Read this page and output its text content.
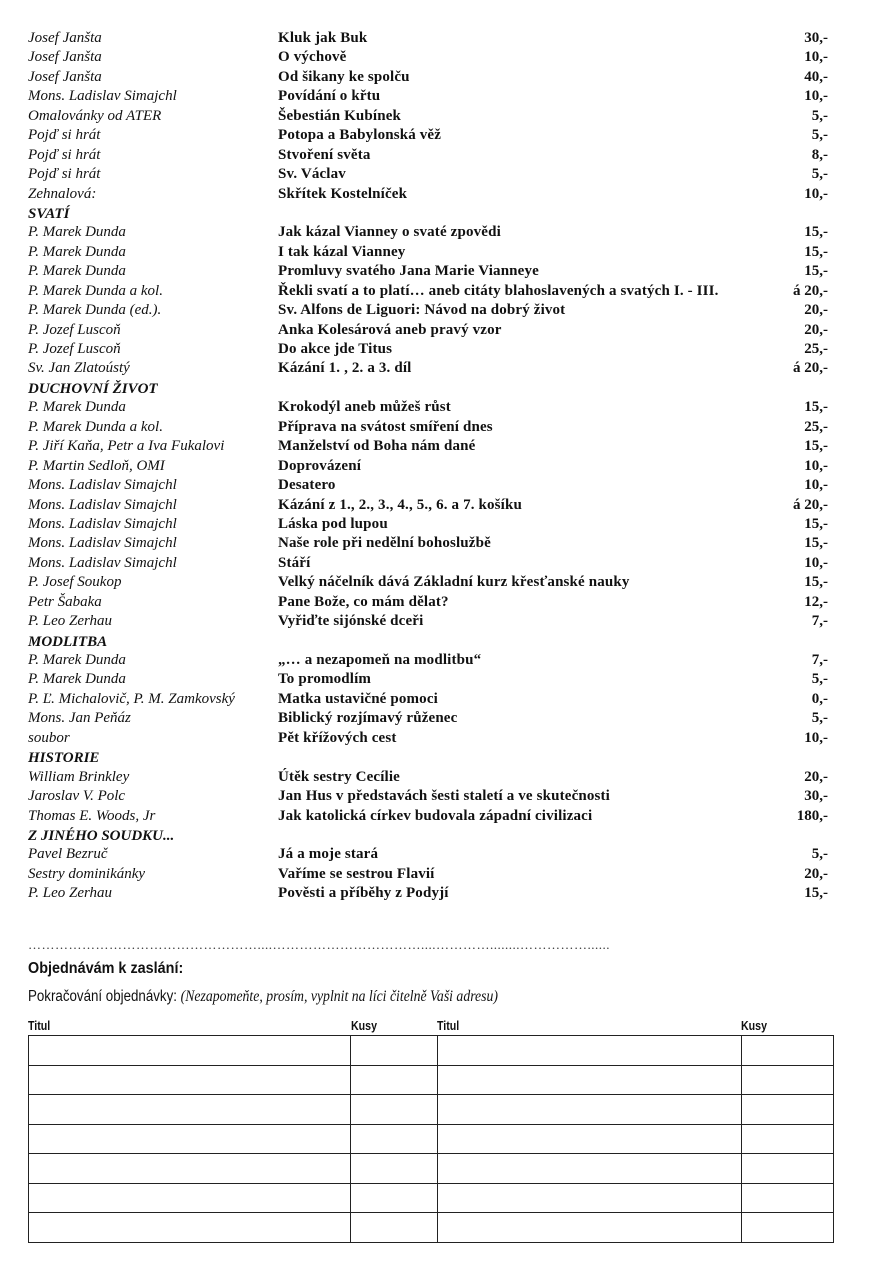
Josef Janšta	Kluk jak Buk	30,-
Josef Janšta	O výchově	10,-
Josef Janšta	Od šikany ke spolču	40,-
Mons. Ladislav Simajchl	Povídání o křtu	10,-
Omalovánky od ATER	Šebestián Kubínek	5,-
Pojď si hrát	Potopa a Babylonská věž	5,-
Pojď si hrát	Stvoření světa	8,-
Pojď si hrát	Sv. Václav	5,-
Zehnalová:	Skřítek Kostelníček	10,-
SVATÍ
P. Marek Dunda	Jak kázal Vianney o svaté zpovědi	15,-
P. Marek Dunda	I tak kázal Vianney	15,-
P. Marek Dunda	Promluvy svatého Jana Marie Vianneye	15,-
P. Marek Dunda a kol.	Řekli svatí a to platí… aneb citáty blahoslavených a svatých I. - III.	á 20,-
P. Marek Dunda (ed.).	Sv. Alfons de Liguori: Návod na dobrý život	20,-
P. Jozef Luscoň	Anka Kolesárová aneb pravý vzor	20,-
P. Jozef Luscoň	Do akce jde Titus	25,-
Sv. Jan Zlatoústý	Kázání 1. , 2. a 3. díl	á 20,-
DUCHOVNÍ ŽIVOT
P. Marek Dunda	Krokodýl aneb můžeš růst	15,-
P. Marek Dunda a kol.	Příprava na svátost smíření dnes	25,-
P. Jiří Kaňa, Petr a Iva Fukalovi	Manželství od Boha nám dané	15,-
P. Martin Sedloň, OMI	Doprovázení	10,-
Mons. Ladislav Simajchl	Desatero	10,-
Mons. Ladislav Simajchl	Kázání z 1., 2., 3., 4., 5., 6. a 7. košíku	á 20,-
Mons. Ladislav Simajchl	Láska pod lupou	15,-
Mons. Ladislav Simajchl	Naše role při nedělní bohoslužbě	15,-
Mons. Ladislav Simajchl	Stáří	10,-
P. Josef Soukop	Velký náčelník dává Základní kurz křesťanské nauky	15,-
Petr Šabaka	Pane Bože, co mám dělat?	12,-
P. Leo Zerhau	Vyřiďte sijónské dceři	7,-
MODLITBA
P. Marek Dunda	„… a nezapomeň na modlitbu“	7,-
P. Marek Dunda	To promodlím	5,-
P. Ľ. Michalovič, P. M. Zamkovský	Matka ustavičné pomoci	0,-
Mons. Jan Peňáz	Biblický rozjímavý růženec	5,-
soubor	Pět křížových cest	10,-
HISTORIE
William Brinkley	Útěk sestry Cecílie	20,-
Jaroslav V. Polc	Jan Hus v představách šesti staletí a ve skutečnosti	30,-
Thomas E. Woods, Jr	Jak katolická církev budovala západní civilizaci	180,-
Z JINÉHO SOUDKU...
Pavel Bezruč	Já a moje stará	5,-
Sestry dominikánky	Vaříme se sestrou Flavií	20,-
P. Leo Zerhau	Pověsti a příběhy z Podyjí	15,-
……………………………………………....……………………………....…………........……………......
Objednávám k zaslání:
Pokračování objednávky: (Nezapomeňte, prosím, vyplnit na líci čitelně Vaši adresu)
Titul	Kusy	Titul	Kusy
